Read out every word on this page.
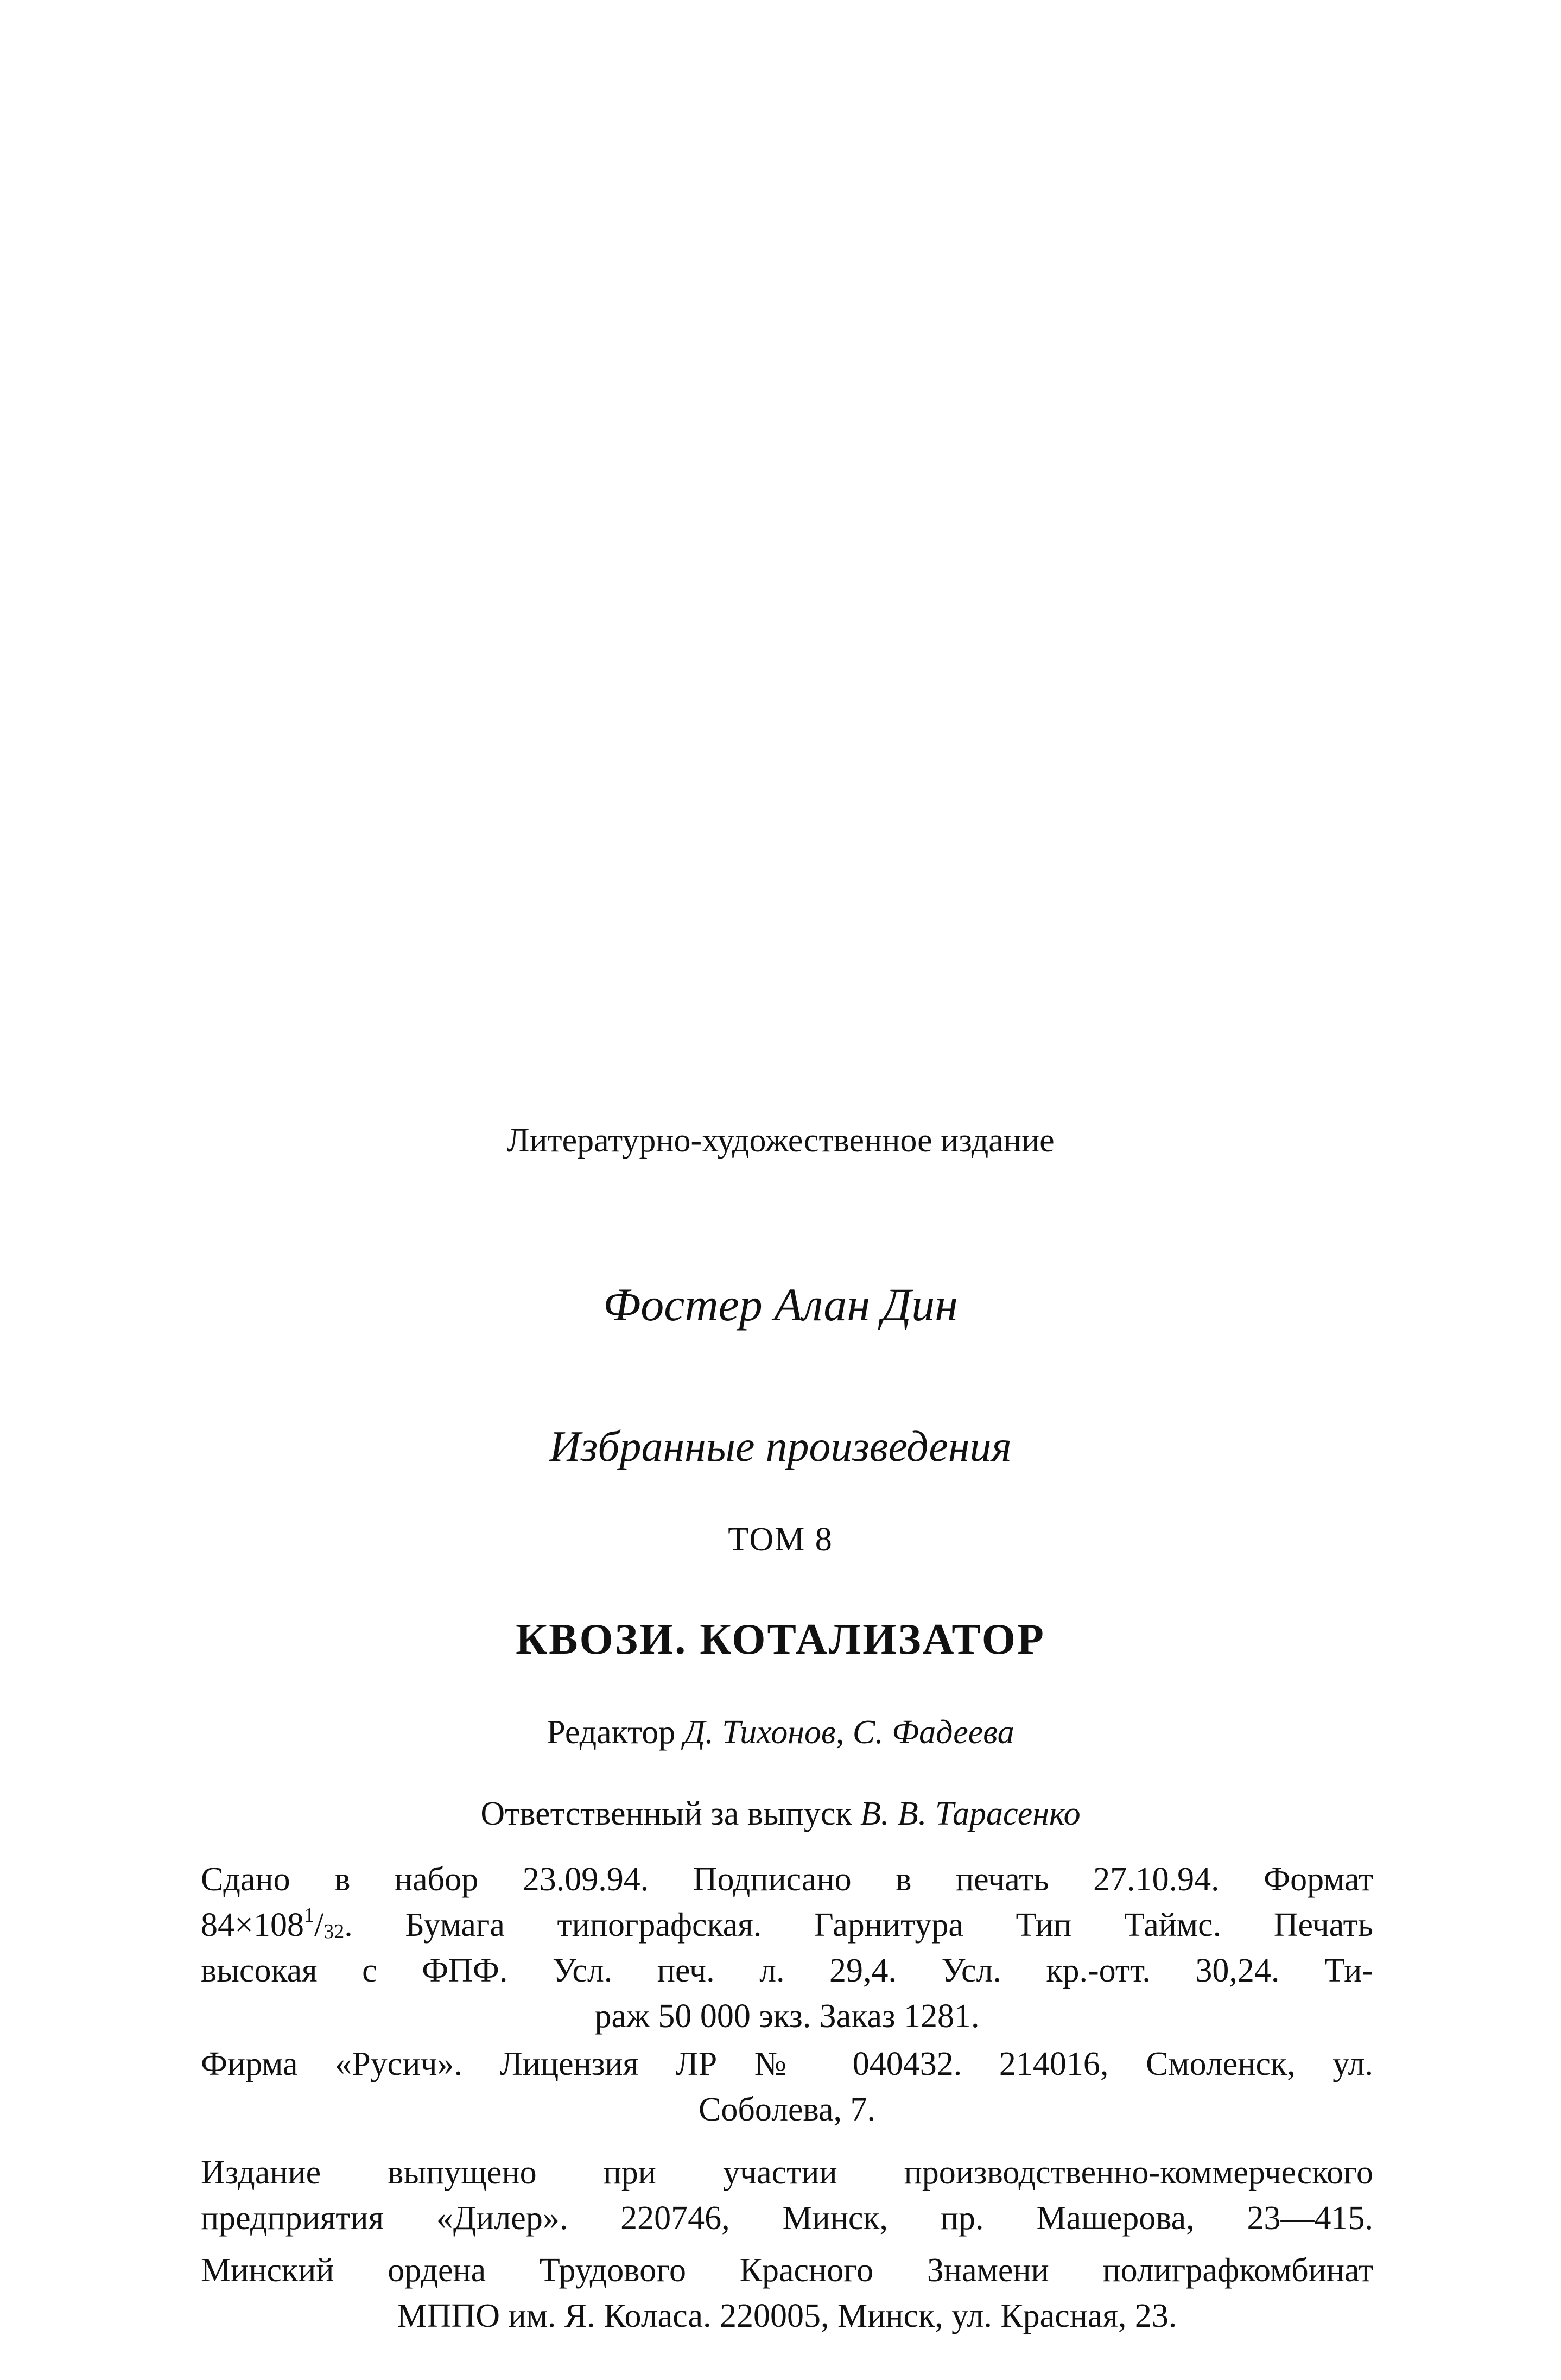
Литературно-художественное издание
Фостер Алан Дин
Избранные произведения
ТОМ 8
КВОЗИ. КОТАЛИЗАТОР
Редактор Д. Тихонов, С. Фадеева
Ответственный за выпуск В. В. Тарасенко
Сдано в набор 23.09.94. Подписано в печать 27.10.94. Формат
$84\times 108^1/_{32}$. Бумага типографская. Гарнитура Тип Таймс. Печать
высокая с ФПФ. Усл. печ. л. 29,4. Усл. кр.-отт. 30,24. Ти-
раж 50 000 экз. Заказ 1281.
Фирма «Русич». Лицензия ЛР № 040432. 214016, Смоленск, ул.
Соболева, 7.
Издание выпущено при участии производственно-коммерческого
предприятия «Дилер». 220746, Минск, пр. Машерова, 23—415.
Минский ордена Трудового Красного Знамени полиграфкомбинат
МППО им. Я. Коласа. 220005, Минск, ул. Красная, 23.
